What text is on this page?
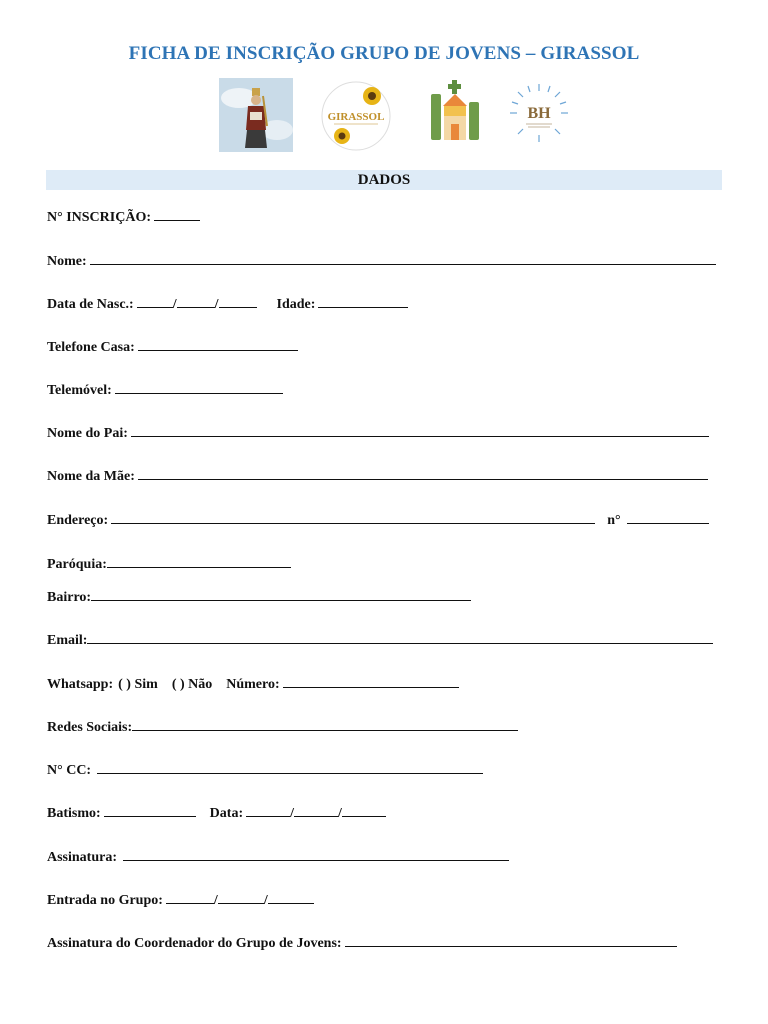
FICHA DE INSCRIÇÃO GRUPO DE JOVENS – GIRASSOL
GIRASSOL	BH
DADOS
N° INSCRIÇÃO:
Nome:
Data de Nasc.:	/	/	Idade:
Telefone Casa:
Telemóvel:
Nome do Pai:
Nome da Mãe:
Endereço:	n°
Paróquia:
Bairro:
Email:
Whatsapp: ( ) Sim ( ) Não Número:
Redes Sociais:
N° CC:
Batismo:	Data:	/	/
Assinatura:
Entrada no Grupo:	/	/
Assinatura do Coordenador do Grupo de Jovens:
